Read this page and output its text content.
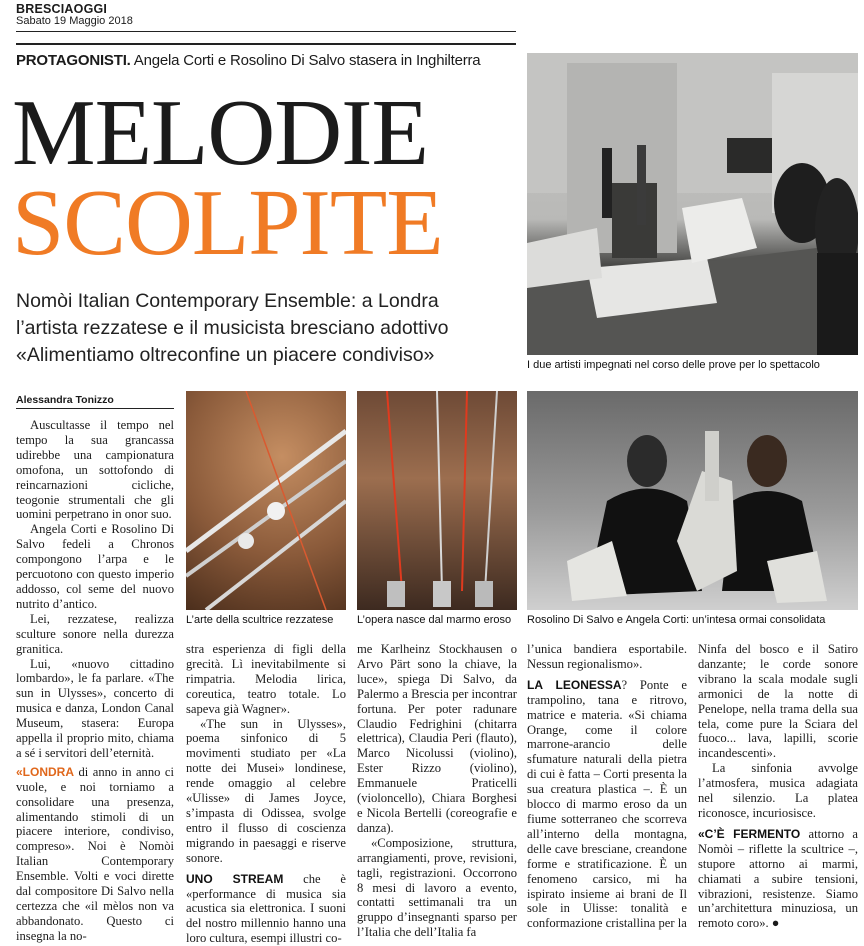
BRESCIAOGGI
Sabato 19 Maggio 2018
PROTAGONISTI. Angela Corti e Rosolino Di Salvo stasera in Inghilterra
MELODIE
SCOLPITE
Nomòi Italian Contemporary Ensemble: a Londra
l’artista rezzatese e il musicista bresciano adottivo
«Alimentiamo oltreconfine un piacere condiviso»	I due artisti impegnati nel corso delle prove per lo spettacolo
Alessandra Tonizzo
L’arte della scultrice rezzatese L’opera nasce dal marmo eroso Rosolino Di Salvo e Angela Corti: un’intesa ormai consolidata

Auscultasse il tempo nel tempo la sua grancassa udirebbe una campionatura omofona, un sottofondo di reincarnazioni cicliche, teogonie strumentali che gli uomini perpetrano in onor suo.

Angela Corti e Rosolino Di Salvo fedeli a Chronos compongono l’arpa e le percuotono con questo imperio addosso, col seme del nuovo nutrito d’antico.

Lei, rezzatese, realizza sculture sonore nella durezza granitica.

Lui, «nuovo cittadino lombardo», le fa parlare. «The sun in Ulysses», concerto di musica e danza, London Canal Museum, stasera: Europa appella il proprio mito, chiama a sé i servitori dell’eternità.

«LONDRA di anno in anno ci vuole, e noi torniamo a consolidare una presenza, alimentando stimoli di un piacere interiore, condiviso, compreso». Noi è Nomòi Italian Contemporary Ensemble. Volti e voci dirette dal compositore Di Salvo nella certezza che «il mèlos non va abbandonato. Questo ci insegna la no-

stra esperienza di figli della grecità. Lì inevitabilmente si rimpatria. Melodia lirica, coreutica, teatro totale. Lo sapeva già Wagner».

«The sun in Ulysses», poema sinfonico di 5 movimenti studiato per «La notte dei Musei» londinese, rende omaggio al celebre «Ulisse» di James Joyce, s’impasta di Odissea, svolge entro il flusso di coscienza migrando in paesaggi e riserve sonore.

UNO STREAM che è «performance di musica sia acustica sia elettronica. I suoni del nostro millennio hanno una loro cultura, esempi illustri co-

me Karlheinz Stockhausen o Arvo Pärt sono la chiave, la luce», spiega Di Salvo, da Palermo a Brescia per incontrar fortuna. Per poter radunare Claudio Fedrighini (chitarra elettrica), Claudia Peri (flauto), Marco Nicolussi (violino), Ester Rizzo (violino), Emmanuele Praticelli (violoncello), Chiara Borghesi e Nicola Bertelli (coreografie e danza).

«Composizione, struttura, arrangiamenti, prove, revisioni, tagli, registrazioni. Occorrono 8 mesi di lavoro a evento, contatti settimanali tra un gruppo d’insegnanti sparso per l’Italia che dell’Italia fa

l’unica bandiera esportabile. Nessun regionalismo».

LA LEONESSA? Ponte e trampolino, tana e ritrovo, matrice e materia. «Si chiama Orange, come il colore marrone-arancio delle sfumature naturali della pietra di cui è fatta – Corti presenta la sua creatura plastica –. È un blocco di marmo eroso da un fiume sotterraneo che scorreva all’interno della montagna, delle cave bresciane, creandone forme e stratificazione. È un fenomeno carsico, mi ha ispirato insieme ai brani de Il sole in Ulisse: tonalità e conformazione cristallina per la

Ninfa del bosco e il Satiro danzante; le corde sonore vibrano la scala modale sugli armonici de la notte di Penelope, nella trama della sua tela, come pure la Sciara del fuoco... lava, lapilli, scorie incandescenti».

La sinfonia avvolge l’atmosfera, musica adagiata nel silenzio. La platea riconosce, incuriosisce.

«C’È FERMENTO attorno a Nomòi – riflette la scultrice –, stupore attorno ai marmi, chiamati a subire tensioni, vibrazioni, resistenze. Siamo un’architettura minuziosa, un remoto coro». ●
